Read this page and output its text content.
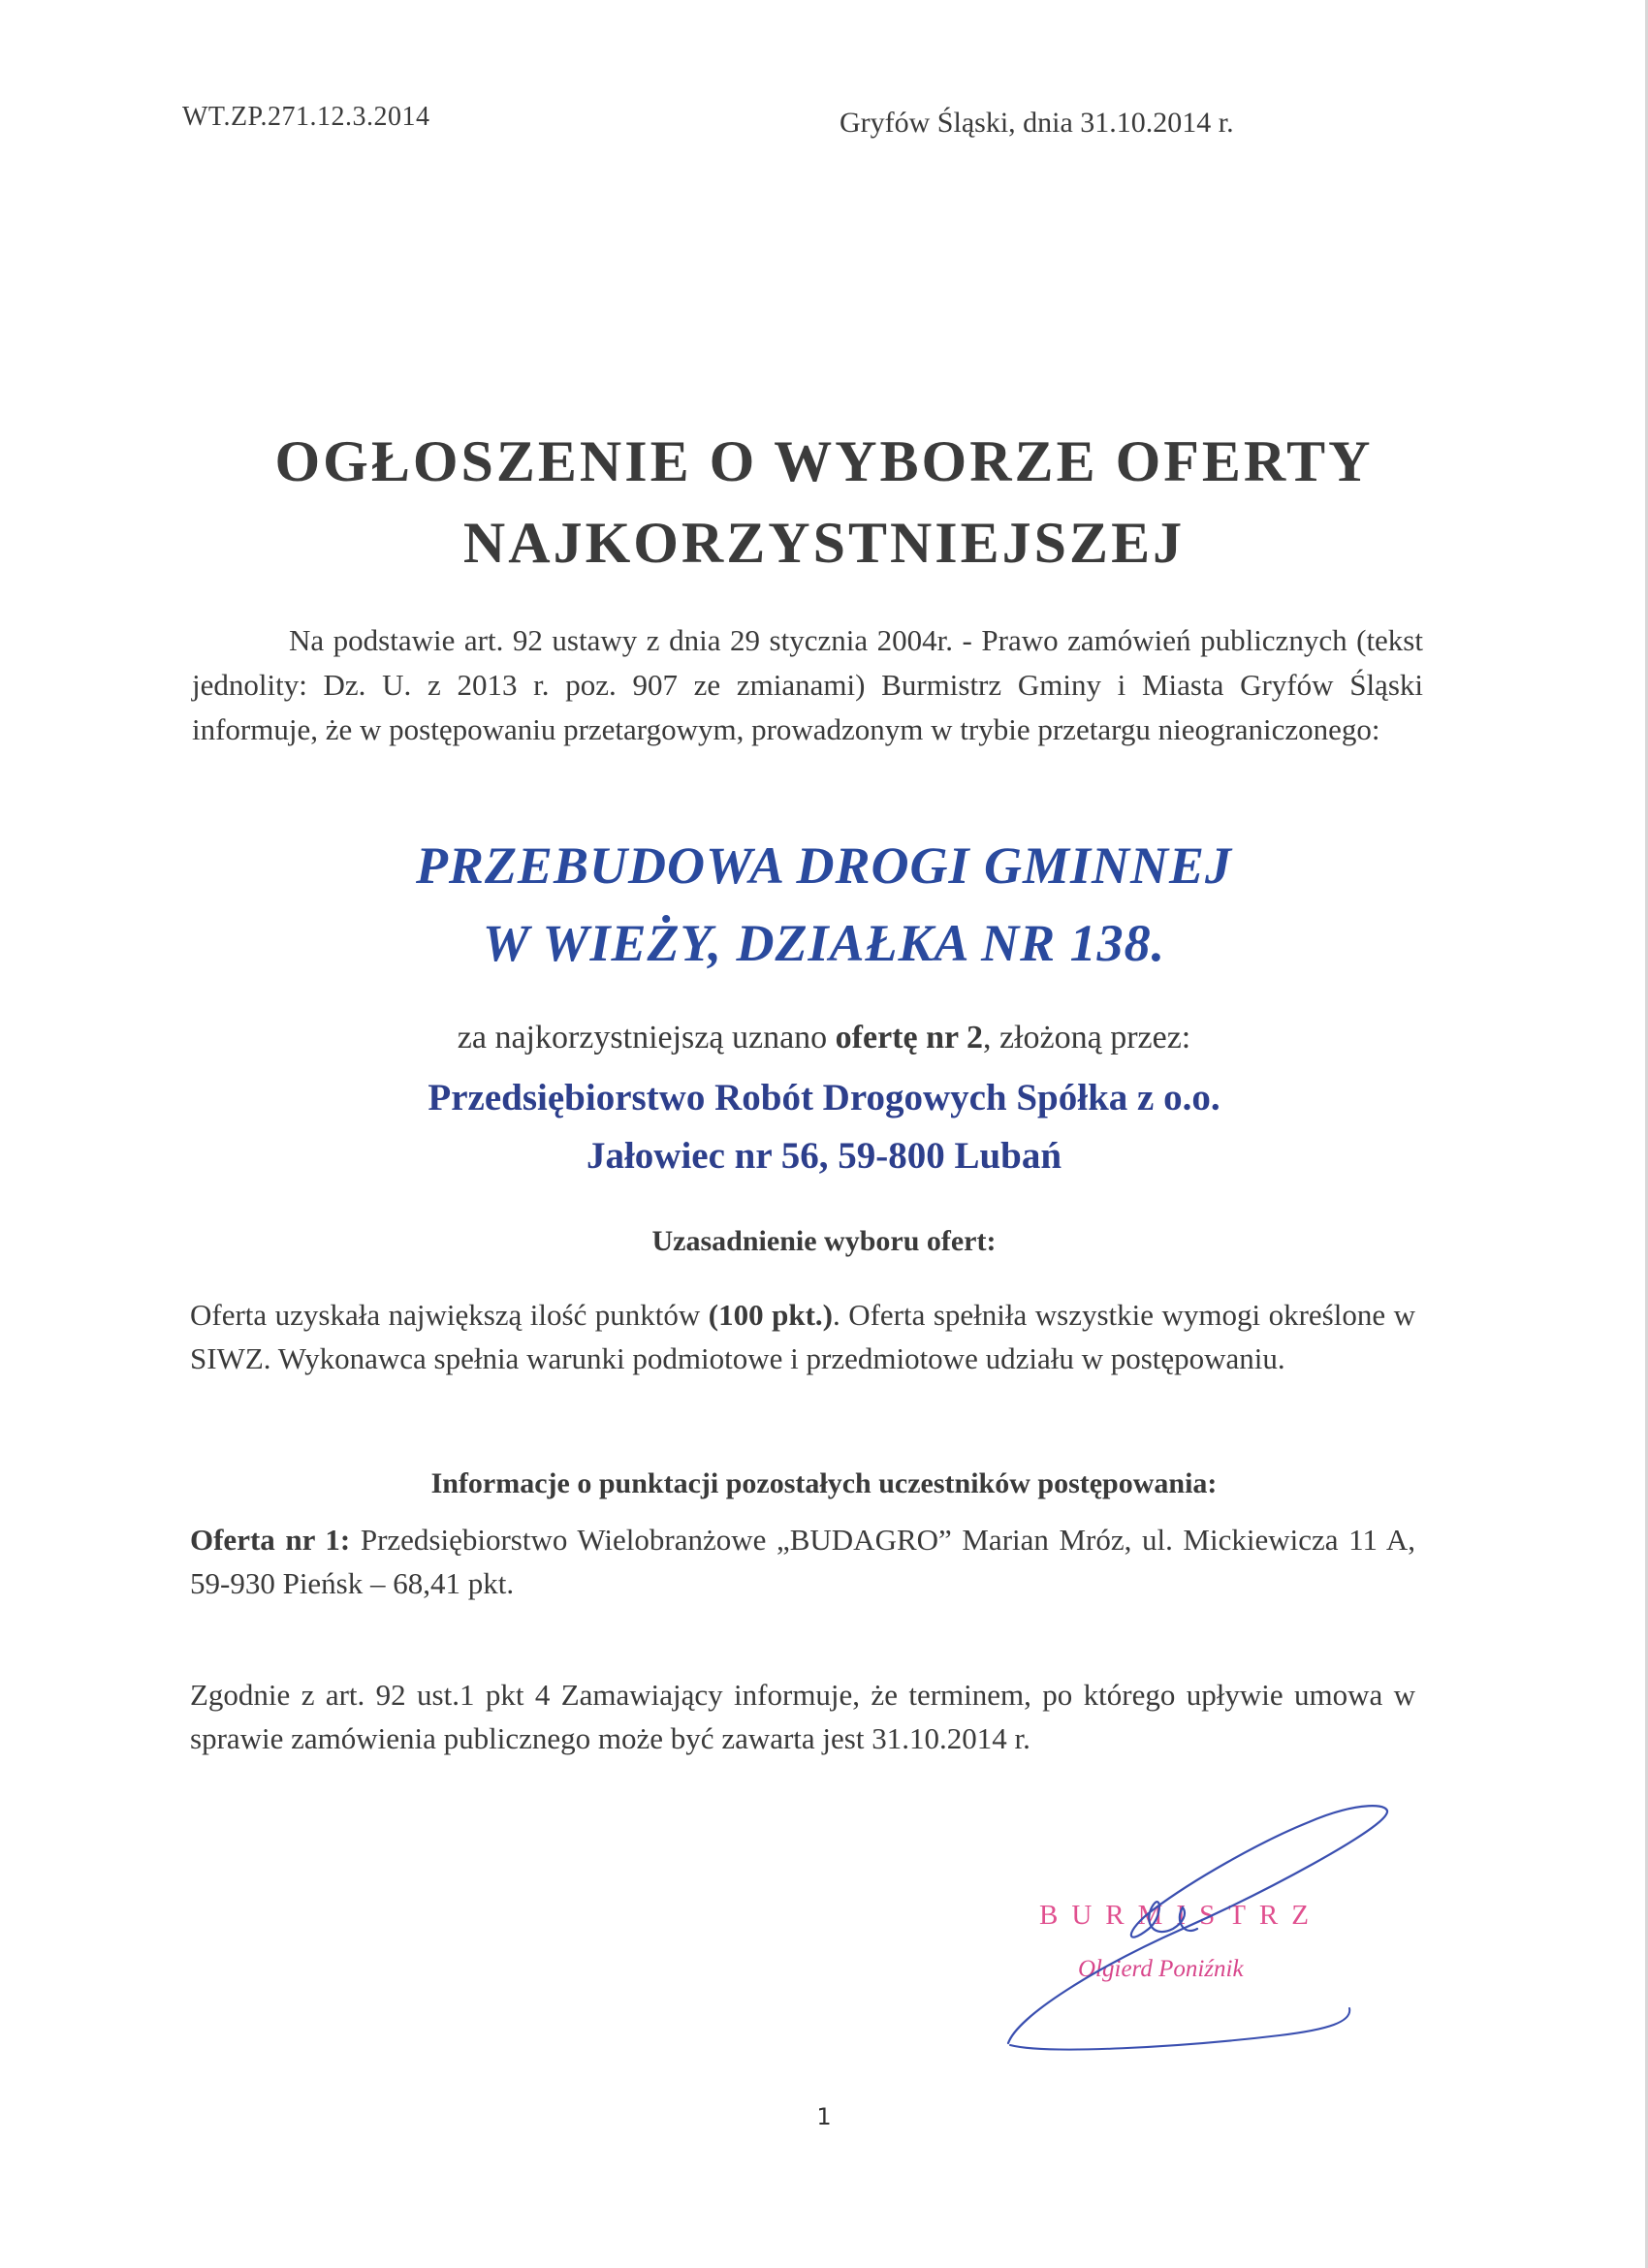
WT.ZP.271.12.3.2014	Gryfów Śląski, dnia 31.10.2014 r.
OGŁOSZENIE O WYBORZE OFERTY
NAJKORZYSTNIEJSZEJ
Na podstawie art. 92 ustawy z dnia 29 stycznia 2004r. - Prawo zamówień publicznych (tekst jednolity: Dz. U. z 2013 r. poz. 907 ze zmianami) Burmistrz Gminy i Miasta Gryfów Śląski informuje, że w postępowaniu przetargowym, prowadzonym w trybie przetargu nieograniczonego:
PRZEBUDOWA DROGI GMINNEJ
W WIEŻY, DZIAŁKA NR 138.
za najkorzystniejszą uznano ofertę nr 2, złożoną przez:
Przedsiębiorstwo Robót Drogowych Spółka z o.o.
Jałowiec nr 56, 59-800 Lubań
Uzasadnienie wyboru ofert:
Oferta uzyskała największą ilość punktów (100 pkt.). Oferta spełniła wszystkie wymogi określone w SIWZ. Wykonawca spełnia warunki podmiotowe i przedmiotowe udziału w postępowaniu.
Informacje o punktacji pozostałych uczestników postępowania:
Oferta nr 1: Przedsiębiorstwo Wielobranżowe „BUDAGRO” Marian Mróz, ul. Mickiewicza 11 A, 59-930 Pieńsk – 68,41 pkt.
Zgodnie z art. 92 ust.1 pkt 4 Zamawiający informuje, że terminem, po którego upływie umowa w sprawie zamówienia publicznego może być zawarta jest 31.10.2014 r.
BURMISTRZ
Olgierd Poniźnik
1
